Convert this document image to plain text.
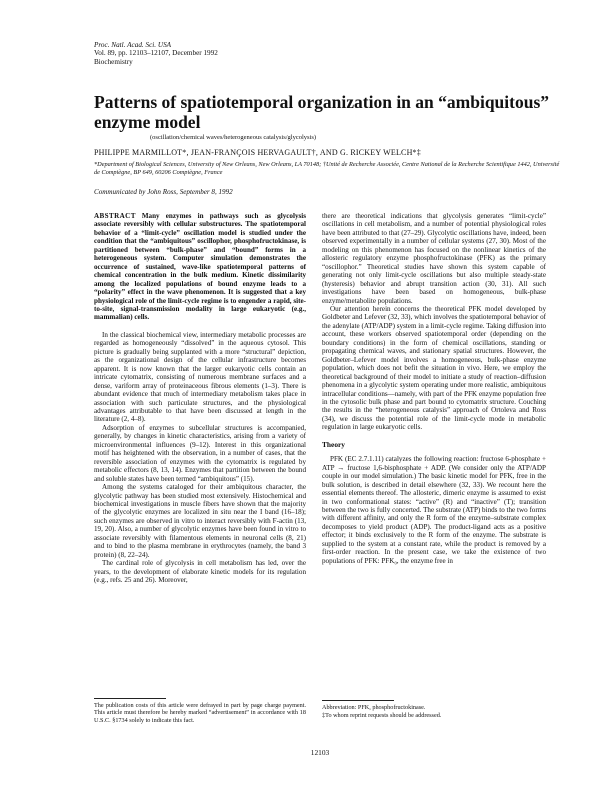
Proc. Natl. Acad. Sci. USA
Vol. 89, pp. 12103–12107, December 1992
Biochemistry
Patterns of spatiotemporal organization in an “ambiquitous” enzyme model
(oscillation/chemical waves/heterogeneous catalysis/glycolysis)
PHILIPPE MARMILLOT*, JEAN-FRANÇOIS HERVAGAULT†, AND G. RICKEY WELCH*‡
*Department of Biological Sciences, University of New Orleans, New Orleans, LA 70148; †Unité de Recherche Associée, Centre National de la Recherche Scientifique 1442, Université de Compiègne, BP 649, 60206 Compiègne, France
Communicated by John Ross, September 8, 1992

ABSTRACT Many enzymes in pathways such as glycolysis associate reversibly with cellular substructures. The spatiotemporal behavior of a “limit-cycle” oscillation model is studied under the condition that the “ambiquitous” oscillophor, phosphofructokinase, is partitioned between “bulk-phase” and “bound” forms in a heterogeneous system. Computer simulation demonstrates the occurrence of sustained, wave-like spatiotemporal patterns of chemical concentration in the bulk medium. Kinetic dissimilarity among the localized populations of bound enzyme leads to a “polarity” effect in the wave phenomenon. It is suggested that a key physiological role of the limit-cycle regime is to engender a rapid, site-to-site, signal-transmission modality in large eukaryotic (e.g., mammalian) cells.

In the classical biochemical view, intermediary metabolic processes are regarded as homogeneously “dissolved” in the aqueous cytosol. This picture is gradually being supplanted with a more “structural” depiction, as the organizational design of the cellular infrastructure becomes apparent. It is now known that the larger eukaryotic cells contain an intricate cytomatrix, consisting of numerous membrane surfaces and a dense, variform array of proteinaceous fibrous elements (1–3). There is abundant evidence that much of intermediary metabolism takes place in association with such particulate structures, and the physiological advantages attributable to that have been discussed at length in the literature (2, 4–8).

Adsorption of enzymes to subcellular structures is accompanied, generally, by changes in kinetic characteristics, arising from a variety of microenvironmental influences (9–12). Interest in this organizational motif has heightened with the observation, in a number of cases, that the reversible association of enzymes with the cytomatrix is regulated by metabolic effectors (8, 13, 14). Enzymes that partition between the bound and soluble states have been termed “ambiquitous” (15).

Among the systems cataloged for their ambiquitous character, the glycolytic pathway has been studied most extensively. Histochemical and biochemical investigations in muscle fibers have shown that the majority of the glycolytic enzymes are localized in situ near the I band (16–18); such enzymes are observed in vitro to interact reversibly with F-actin (13, 19, 20). Also, a number of glycolytic enzymes have been found in vitro to associate reversibly with filamentous elements in neuronal cells (8, 21) and to bind to the plasma membrane in erythrocytes (namely, the band 3 protein) (8, 22–24).

The cardinal role of glycolysis in cell metabolism has led, over the years, to the development of elaborate kinetic models for its regulation (e.g., refs. 25 and 26). Moreover,

there are theoretical indications that glycolysis generates “limit-cycle” oscillations in cell metabolism, and a number of potential physiological roles have been attributed to that (27–29). Glycolytic oscillations have, indeed, been observed experimentally in a number of cellular systems (27, 30). Most of the modeling on this phenomenon has focused on the nonlinear kinetics of the allosteric regulatory enzyme phosphofructokinase (PFK) as the primary “oscillophor.” Theoretical studies have shown this system capable of generating not only limit-cycle oscillations but also multiple steady-state (hysteresis) behavior and abrupt transition action (30, 31). All such investigations have been based on homogeneous, bulk-phase enzyme/metabolite populations.

Our attention herein concerns the theoretical PFK model developed by Goldbeter and Lefever (32, 33), which involves the spatiotemporal behavior of the adenylate (ATP/ADP) system in a limit-cycle regime. Taking diffusion into account, these workers observed spatiotemporal order (depending on the boundary conditions) in the form of chemical oscillations, standing or propagating chemical waves, and stationary spatial structures. However, the Goldbeter–Lefever model involves a homogeneous, bulk-phase enzyme population, which does not befit the situation in vivo. Here, we employ the theoretical background of their model to initiate a study of reaction–diffusion phenomena in a glycolytic system operating under more realistic, ambiquitous intracellular conditions—namely, with part of the PFK enzyme population free in the cytosolic bulk phase and part bound to cytomatrix structure. Couching the results in the “heterogeneous catalysis” approach of Ortoleva and Ross (34), we discuss the potential role of the limit-cycle mode in metabolic regulation in large eukaryotic cells.

Theory

PFK (EC 2.7.1.11) catalyzes the following reaction: fructose 6-phosphate + ATP → fructose 1,6-bisphosphate + ADP. (We consider only the ATP/ADP couple in our model simulation.) The basic kinetic model for PFK, free in the bulk solution, is described in detail elsewhere (32, 33). We recount here the essential elements thereof. The allosteric, dimeric enzyme is assumed to exist in two conformational states: “active” (R) and “inactive” (T); transition between the two is fully concerted. The substrate (ATP) binds to the two forms with different affinity, and only the R form of the enzyme–substrate complex decomposes to yield product (ADP). The product-ligand acts as a positive effector; it binds exclusively to the R form of the enzyme. The substrate is supplied to the system at a constant rate, while the product is removed by a first-order reaction. In the present case, we take the existence of two populations of PFK: PFK₀, the enzyme free in

The publication costs of this article were defrayed in part by page charge payment. This article must therefore be hereby marked “advertisement” in accordance with 18 U.S.C. §1734 solely to indicate this fact.
Abbreviation: PFK, phosphofructokinase.
‡To whom reprint requests should be addressed.
12103
